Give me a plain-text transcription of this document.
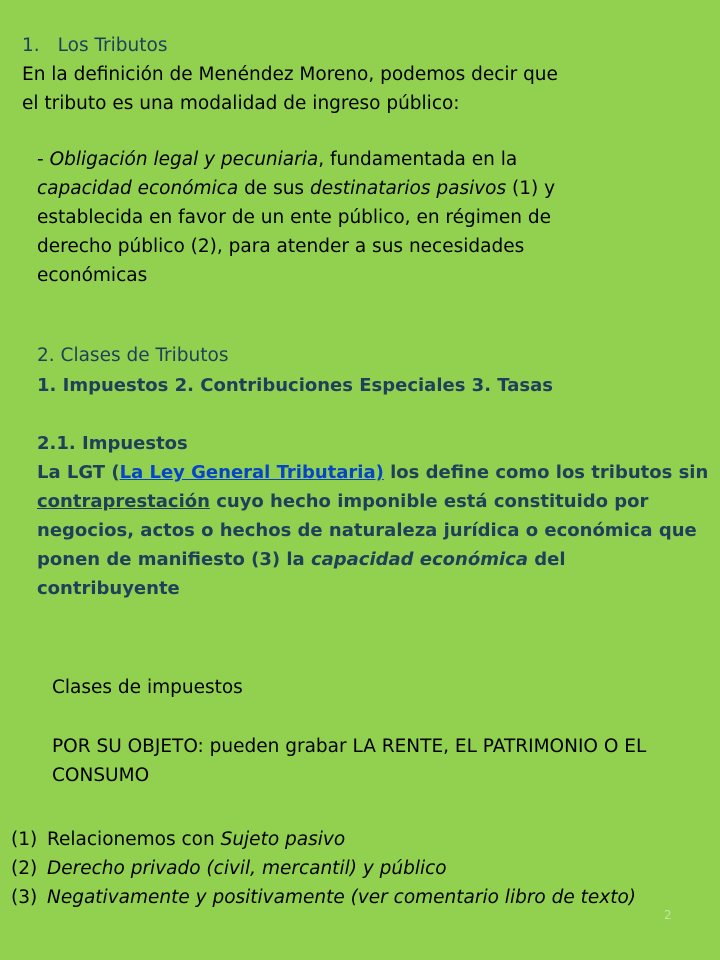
1. Los Tributos
En la definición de Menéndez Moreno, podemos decir que
el tributo es una modalidad de ingreso público:
- Obligación legal y pecuniaria, fundamentada en la
capacidad económica de sus destinatarios pasivos (1) y
establecida en favor de un ente público, en régimen de
derecho público (2), para atender a sus necesidades
económicas
2. Clases de Tributos
1. Impuestos 2. Contribuciones Especiales 3. Tasas
2.1. Impuestos
La LGT (La Ley General Tributaria) los define como los tributos sin
contraprestación cuyo hecho imponible está constituido por
negocios, actos o hechos de naturaleza jurídica o económica que
ponen de manifiesto (3) la capacidad económica del
contribuyente
Clases de impuestos
POR SU OBJETO: pueden grabar LA RENTE, EL PATRIMONIO O EL
CONSUMO
(1) Relacionemos con Sujeto pasivo
(2) Derecho privado (civil, mercantil) y público
(3) Negativamente y positivamente (ver comentario libro de texto)
2
